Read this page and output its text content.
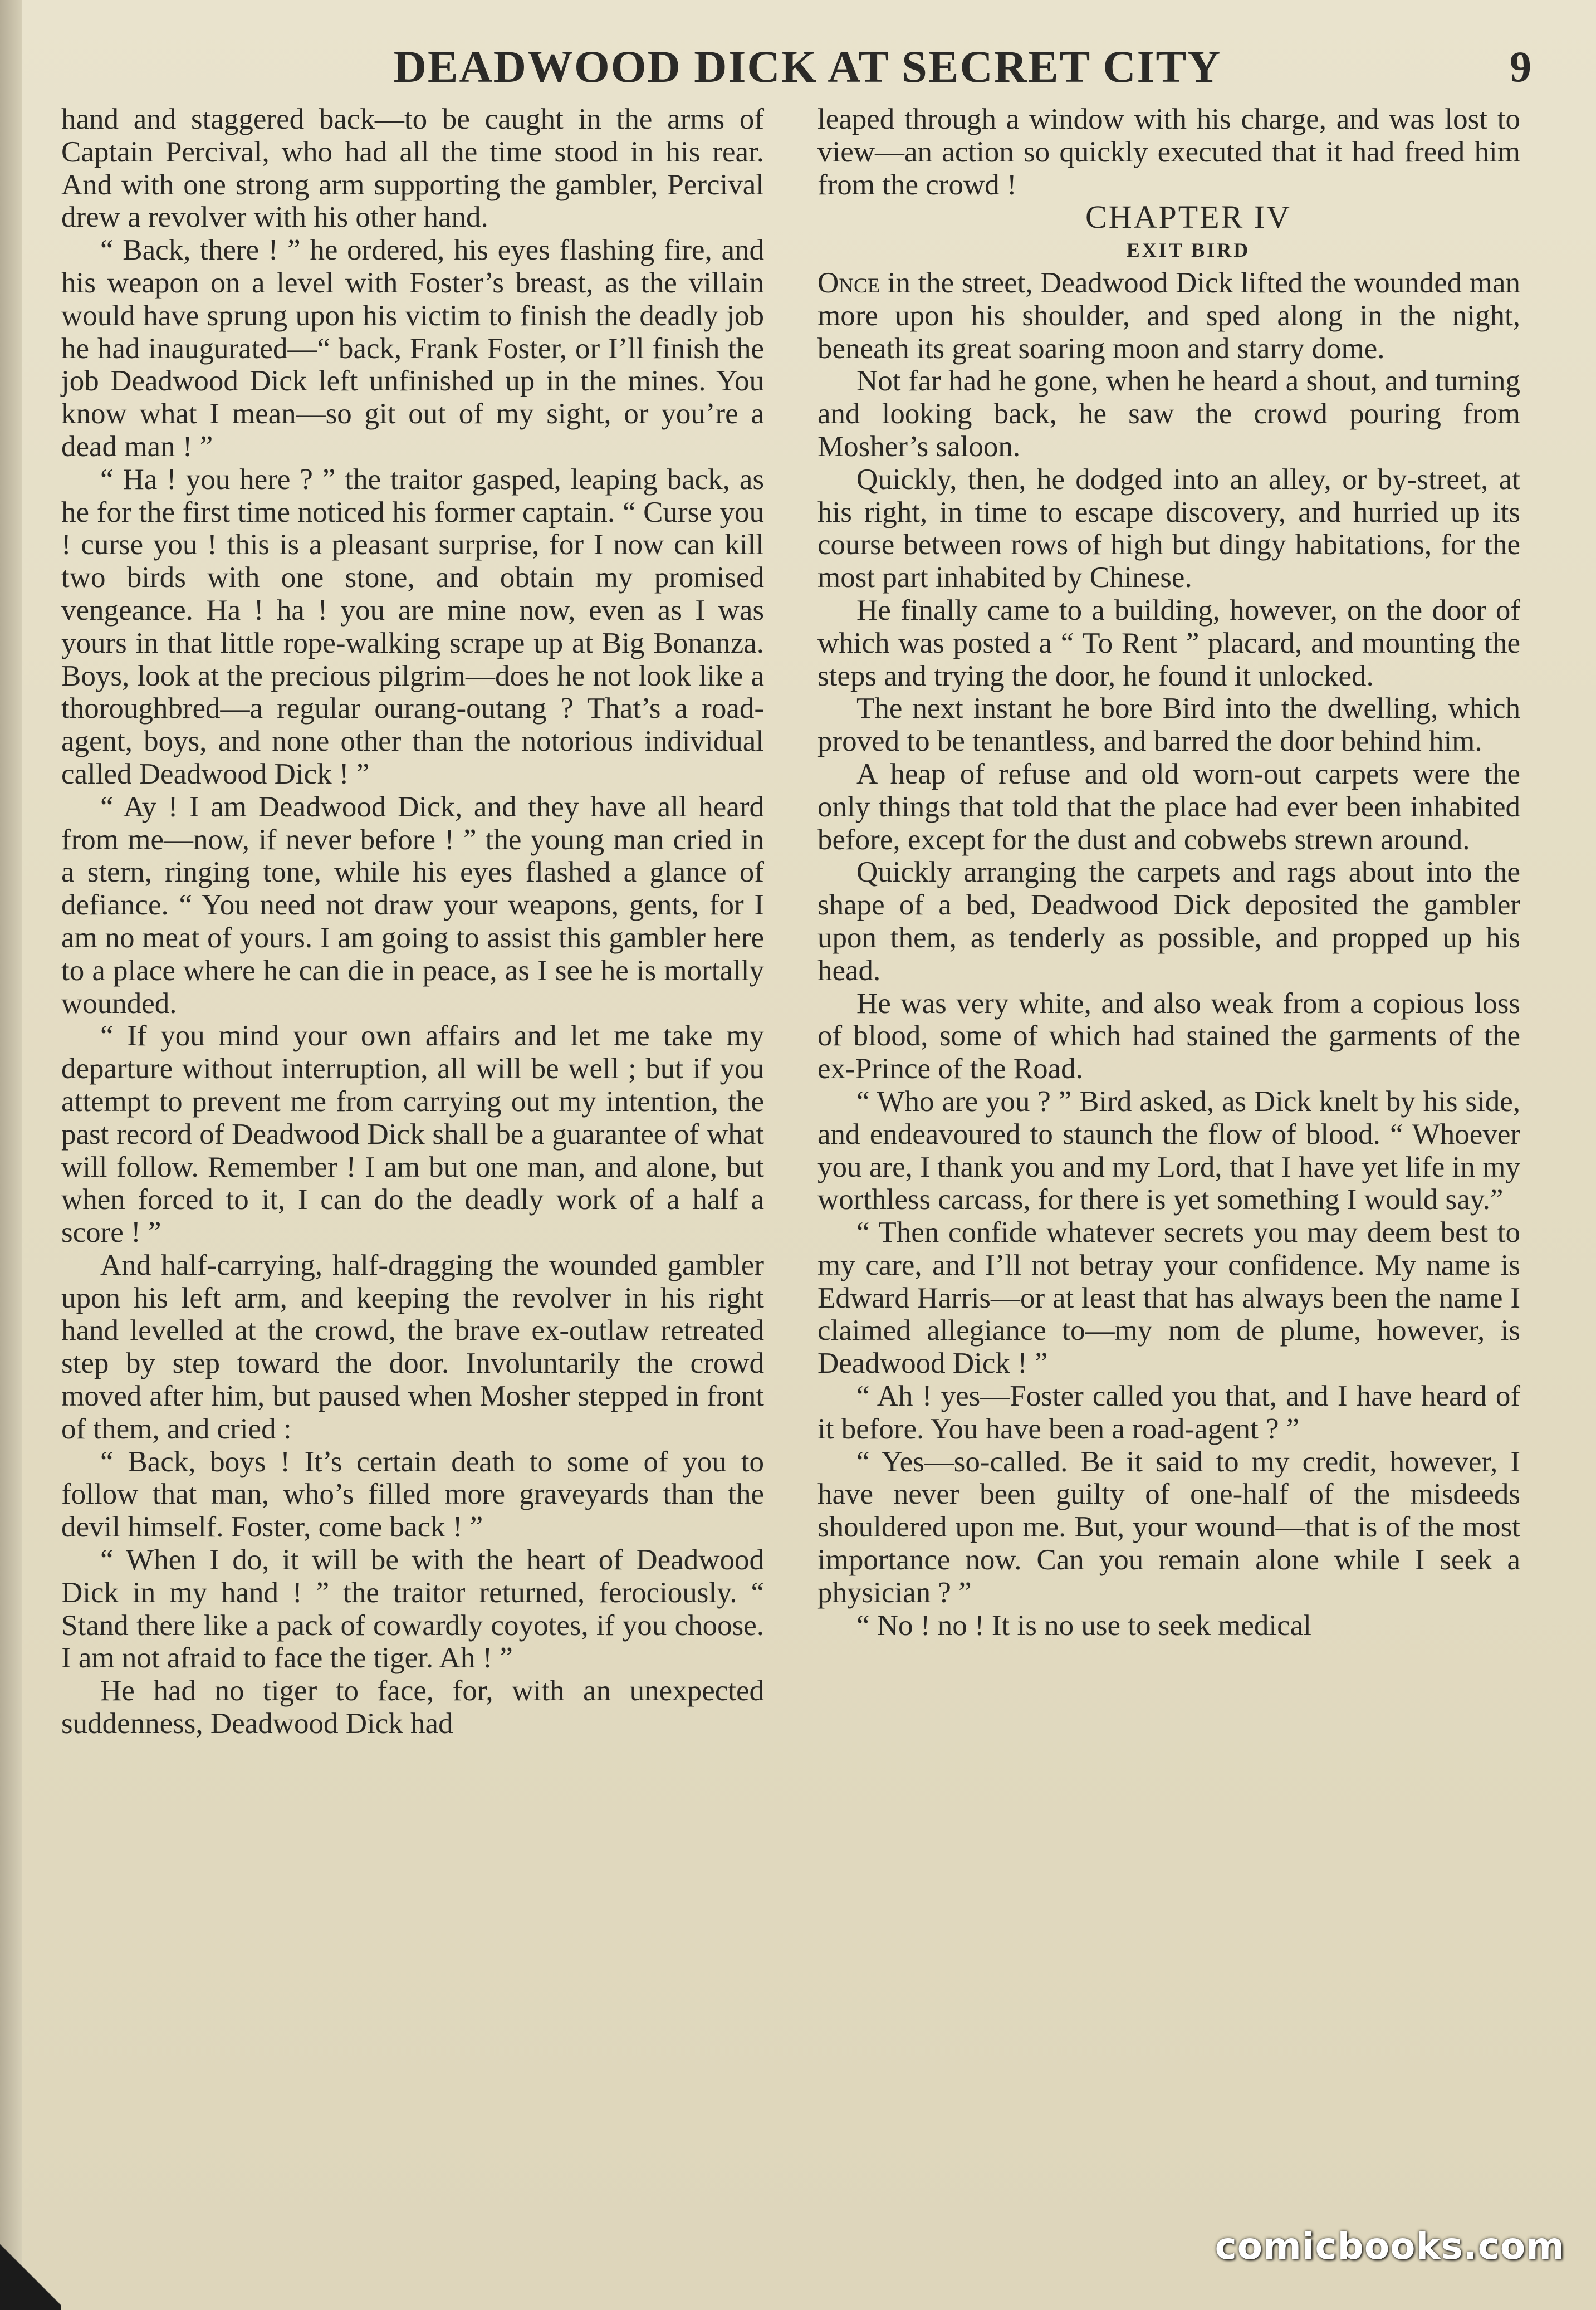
DEADWOOD DICK AT SECRET CITY	9

hand and staggered back—to be caught in the arms of Captain Percival, who had all the time stood in his rear. And with one strong arm supporting the gambler, Percival drew a revolver with his other hand.

“ Back, there ! ” he ordered, his eyes flashing fire, and his weapon on a level with Foster’s breast, as the villain would have sprung upon his victim to finish the deadly job he had inaugurated—“ back, Frank Foster, or I’ll finish the job Deadwood Dick left unfinished up in the mines. You know what I mean—so git out of my sight, or you’re a dead man ! ”

“ Ha ! you here ? ” the traitor gasped, leaping back, as he for the first time noticed his former captain. “ Curse you ! curse you ! this is a pleasant surprise, for I now can kill two birds with one stone, and obtain my promised vengeance. Ha ! ha ! you are mine now, even as I was yours in that little rope-walking scrape up at Big Bonanza. Boys, look at the precious pilgrim—does he not look like a thoroughbred—a regular ourang-outang ? That’s a road-agent, boys, and none other than the notorious individual called Deadwood Dick ! ”

“ Ay ! I am Deadwood Dick, and they have all heard from me—now, if never before ! ” the young man cried in a stern, ringing tone, while his eyes flashed a glance of defiance. “ You need not draw your weapons, gents, for I am no meat of yours. I am going to assist this gambler here to a place where he can die in peace, as I see he is mortally wounded.

“ If you mind your own affairs and let me take my departure without interruption, all will be well ; but if you attempt to prevent me from carrying out my intention, the past record of Deadwood Dick shall be a guarantee of what will follow. Remember ! I am but one man, and alone, but when forced to it, I can do the deadly work of a half a score ! ”

And half-carrying, half-dragging the wounded gambler upon his left arm, and keeping the revolver in his right hand levelled at the crowd, the brave ex-outlaw retreated step by step toward the door. Involuntarily the crowd moved after him, but paused when Mosher stepped in front of them, and cried :

“ Back, boys ! It’s certain death to some of you to follow that man, who’s filled more graveyards than the devil himself. Foster, come back ! ”

“ When I do, it will be with the heart of Deadwood Dick in my hand ! ” the traitor returned, ferociously. “ Stand there like a pack of cowardly coyotes, if you choose. I am not afraid to face the tiger. Ah ! ”

He had no tiger to face, for, with an unexpected suddenness, Deadwood Dick had

leaped through a window with his charge, and was lost to view—an action so quickly executed that it had freed him from the crowd !

CHAPTER IV

EXIT BIRD

Once in the street, Deadwood Dick lifted the wounded man more upon his shoulder, and sped along in the night, beneath its great soaring moon and starry dome.

Not far had he gone, when he heard a shout, and turning and looking back, he saw the crowd pouring from Mosher’s saloon.

Quickly, then, he dodged into an alley, or by-street, at his right, in time to escape discovery, and hurried up its course between rows of high but dingy habitations, for the most part inhabited by Chinese.

He finally came to a building, however, on the door of which was posted a “ To Rent ” placard, and mounting the steps and trying the door, he found it unlocked.

The next instant he bore Bird into the dwelling, which proved to be tenantless, and barred the door behind him.

A heap of refuse and old worn-out carpets were the only things that told that the place had ever been inhabited before, except for the dust and cobwebs strewn around.

Quickly arranging the carpets and rags about into the shape of a bed, Deadwood Dick deposited the gambler upon them, as tenderly as possible, and propped up his head.

He was very white, and also weak from a copious loss of blood, some of which had stained the garments of the ex-Prince of the Road.

“ Who are you ? ” Bird asked, as Dick knelt by his side, and endeavoured to staunch the flow of blood. “ Whoever you are, I thank you and my Lord, that I have yet life in my worthless carcass, for there is yet something I would say.”

“ Then confide whatever secrets you may deem best to my care, and I’ll not betray your confidence. My name is Edward Harris—or at least that has always been the name I claimed allegiance to—my nom de plume, however, is Deadwood Dick ! ”

“ Ah ! yes—Foster called you that, and I have heard of it before. You have been a road-agent ? ”

“ Yes—so-called. Be it said to my credit, however, I have never been guilty of one-half of the misdeeds shouldered upon me. But, your wound—that is of the most importance now. Can you remain alone while I seek a physician ? ”

“ No ! no ! It is no use to seek medical

comicbooks.com
